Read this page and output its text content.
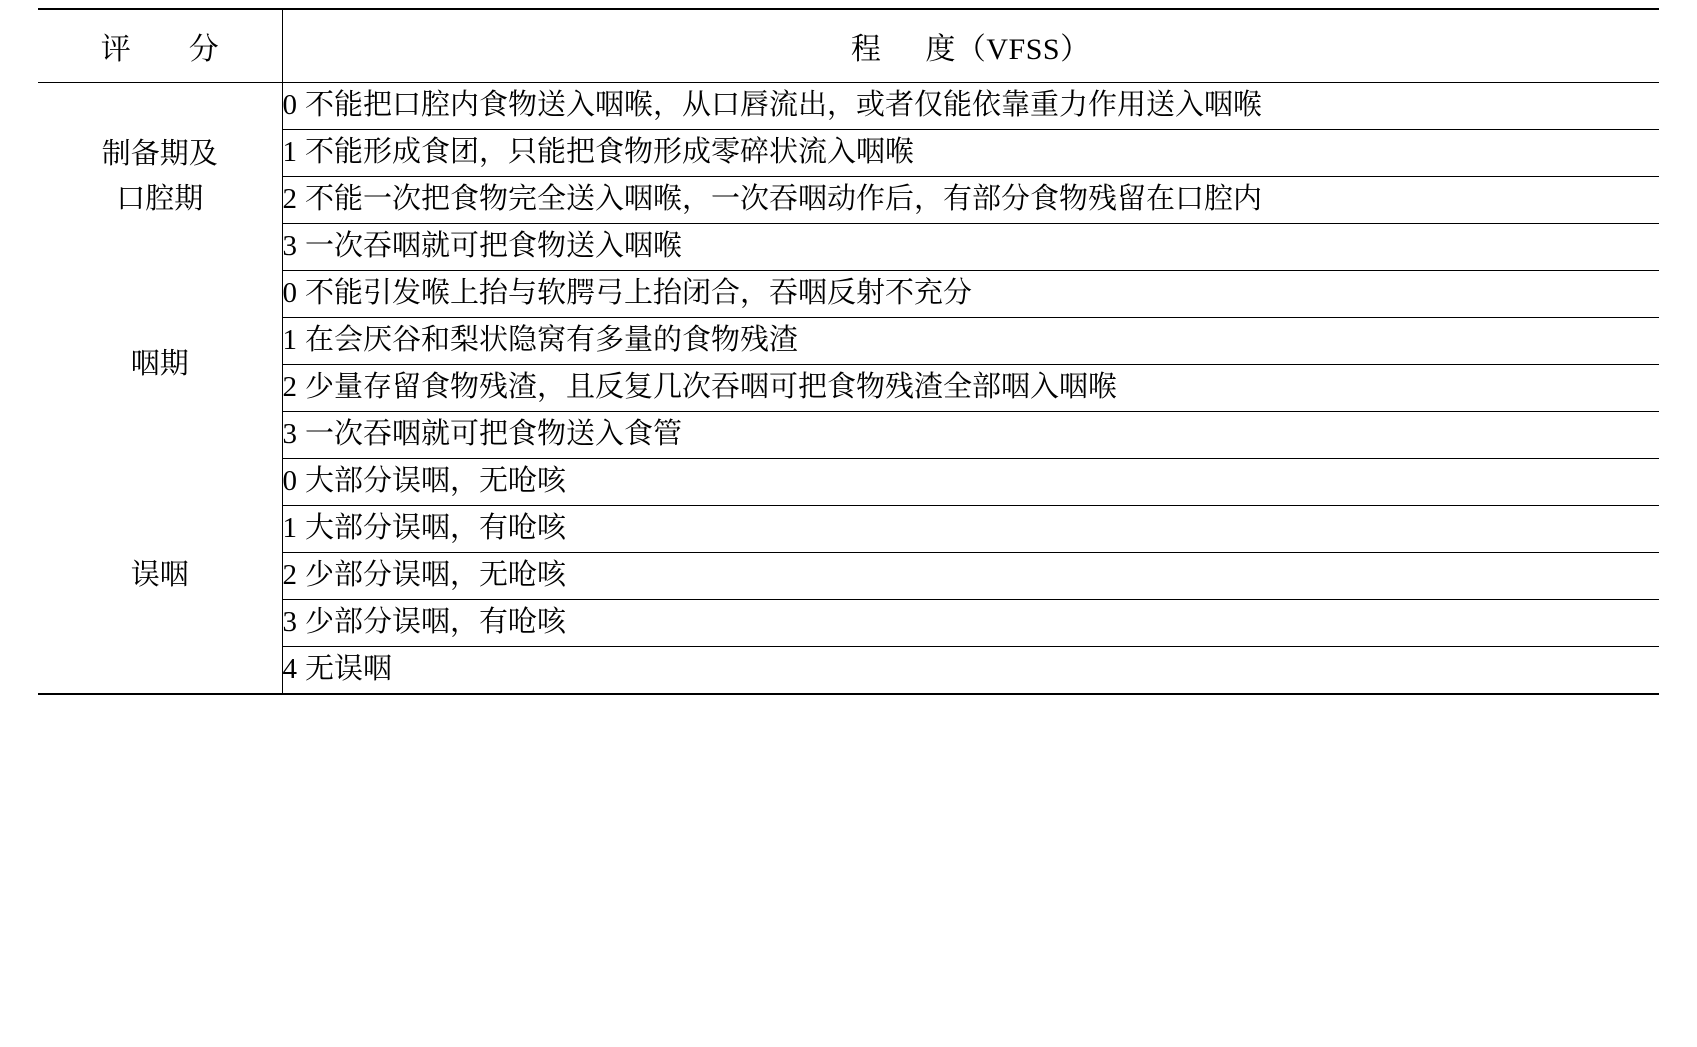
评　分	程 度（VFSS）

制备期及
口腔期	0 不能把口腔内食物送入咽喉，从口唇流出，或者仅能依靠重力作用送入咽喉
	1 不能形成食团，只能把食物形成零碎状流入咽喉
	2 不能一次把食物完全送入咽喉，一次吞咽动作后，有部分食物残留在口腔内
	3 一次吞咽就可把食物送入咽喉

咽期	0 不能引发喉上抬与软腭弓上抬闭合，吞咽反射不充分
	1 在会厌谷和梨状隐窝有多量的食物残渣
	2 少量存留食物残渣，且反复几次吞咽可把食物残渣全部咽入咽喉
	3 一次吞咽就可把食物送入食管

误咽	0 大部分误咽，无呛咳
	1 大部分误咽，有呛咳
	2 少部分误咽，无呛咳
	3 少部分误咽，有呛咳
	4 无误咽
